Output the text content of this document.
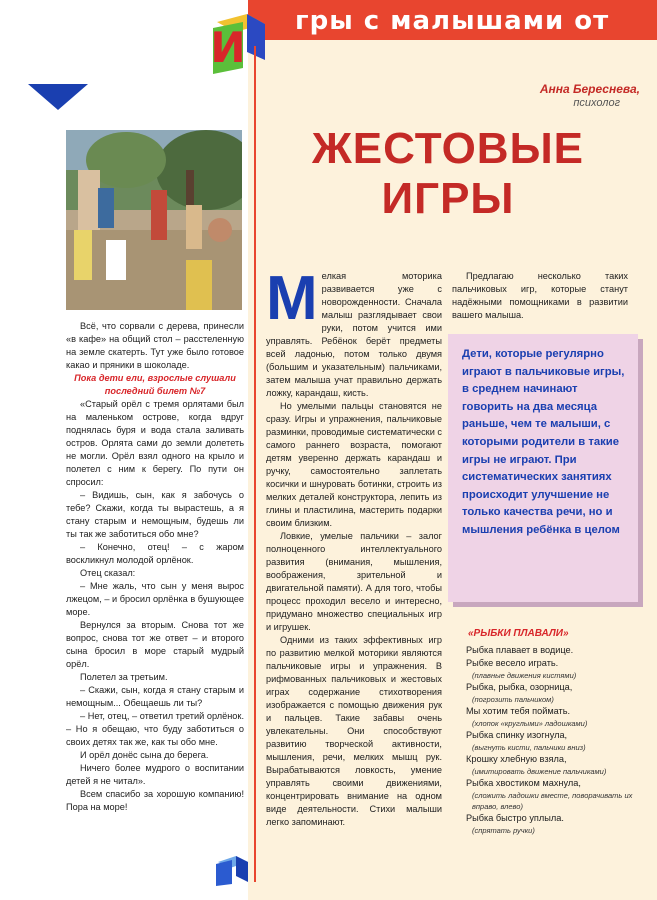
гры с малышами от
И

Всё, что сорвали с дерева, принесли «в кафе» на общий стол – расстеленную на земле скатерть. Тут уже было готовое какао и пряники в шоколаде.

Пока дети ели, взрослые слушали последний билет №7

«Старый орёл с тремя орлятами был на маленьком острове, когда вдруг поднялась буря и вода стала заливать остров. Орлята сами до земли долететь не могли. Орёл взял одного на крыло и полетел с ним к берегу. По пути он спросил:

– Видишь, сын, как я забочусь о тебе? Скажи, когда ты вырастешь, а я стану старым и немощным, будешь ли ты так же заботиться обо мне?

– Конечно, отец! – с жаром воскликнул молодой орлёнок.

Отец сказал:

– Мне жаль, что сын у меня вырос лжецом, – и бросил орлёнка в бушующее море.

Вернулся за вторым. Снова тот же вопрос, снова тот же ответ – и второго сына бросил в море старый мудрый орёл.

Полетел за третьим.

– Скажи, сын, когда я стану старым и немощным... Обещаешь ли ты?

– Нет, отец, – ответил третий орлёнок. – Но я обещаю, что буду заботиться о своих детях так же, как ты обо мне.

И орёл донёс сына до берега.

Ничего более мудрого о воспитании детей я не читал».

Всем спасибо за хорошую компанию! Пора на море!

Анна Береснева,
психолог
ЖЕСТОВЫЕ
ИГРЫ

Мелкая моторика развивается уже с новорожденности. Сначала малыш разглядывает свои руки, потом учится ими управлять. Ребёнок берёт предметы всей ладонью, потом только двумя (большим и указательным) пальчиками, затем малыша учат правильно держать ложку, карандаш, кисть.

Но умелыми пальцы становятся не сразу. Игры и упражнения, пальчиковые разминки, проводимые систематически с самого раннего возраста, помогают детям уверенно держать карандаш и ручку, самостоятельно заплетать косички и шнуровать ботинки, строить из мелких деталей конструктора, лепить из глины и пластилина, мастерить подарки своим близким.

Ловкие, умелые пальчики – залог полноценного интеллектуального развития (внимания, мышления, воображения, зрительной и двигательной памяти). А для того, чтобы процесс проходил весело и интересно, придумано множество специальных игр и игрушек.

Одними из таких эффективных игр по развитию мелкой моторики являются пальчиковые игры и упражнения. В рифмованных пальчиковых и жестовых играх содержание стихотворения изображается с помощью движения рук и пальцев. Такие забавы очень увлекательны. Они способствуют развитию творческой активности, мышления, речи, мелких мышц рук. Вырабатываются ловкость, умение управлять своими движениями, концентрировать внимание на одном виде деятельности. Стихи малыши легко запоминают.

Предлагаю несколько таких пальчиковых игр, которые станут надёжными помощниками в развитии вашего малыша.

Дети, которые регулярно играют в пальчиковые игры, в среднем начинают говорить на два месяца раньше, чем те малыши, с которыми родители в такие игры не играют. При систематических занятиях происходит улучшение не только качества речи, но и мышления ребёнка в целом
«РЫБКИ ПЛАВАЛИ»
Рыбка плавает в водице.
Рыбке весело играть.
(плавные движения кистями)
Рыбка, рыбка, озорница,
(погрозить пальчиком)
Мы хотим тебя поймать.
(хлопок «круглыми» ладошками)
Рыбка спинку изогнула,
(выгнуть кисти, пальчики вниз)
Крошку хлебную взяла,
(имитировать движение пальчиками)
Рыбка хвостиком махнула,
(сложить ладошки вместе, поворачивать их вправо, влево)
Рыбка быстро уплыла.
(спрятать ручки)
